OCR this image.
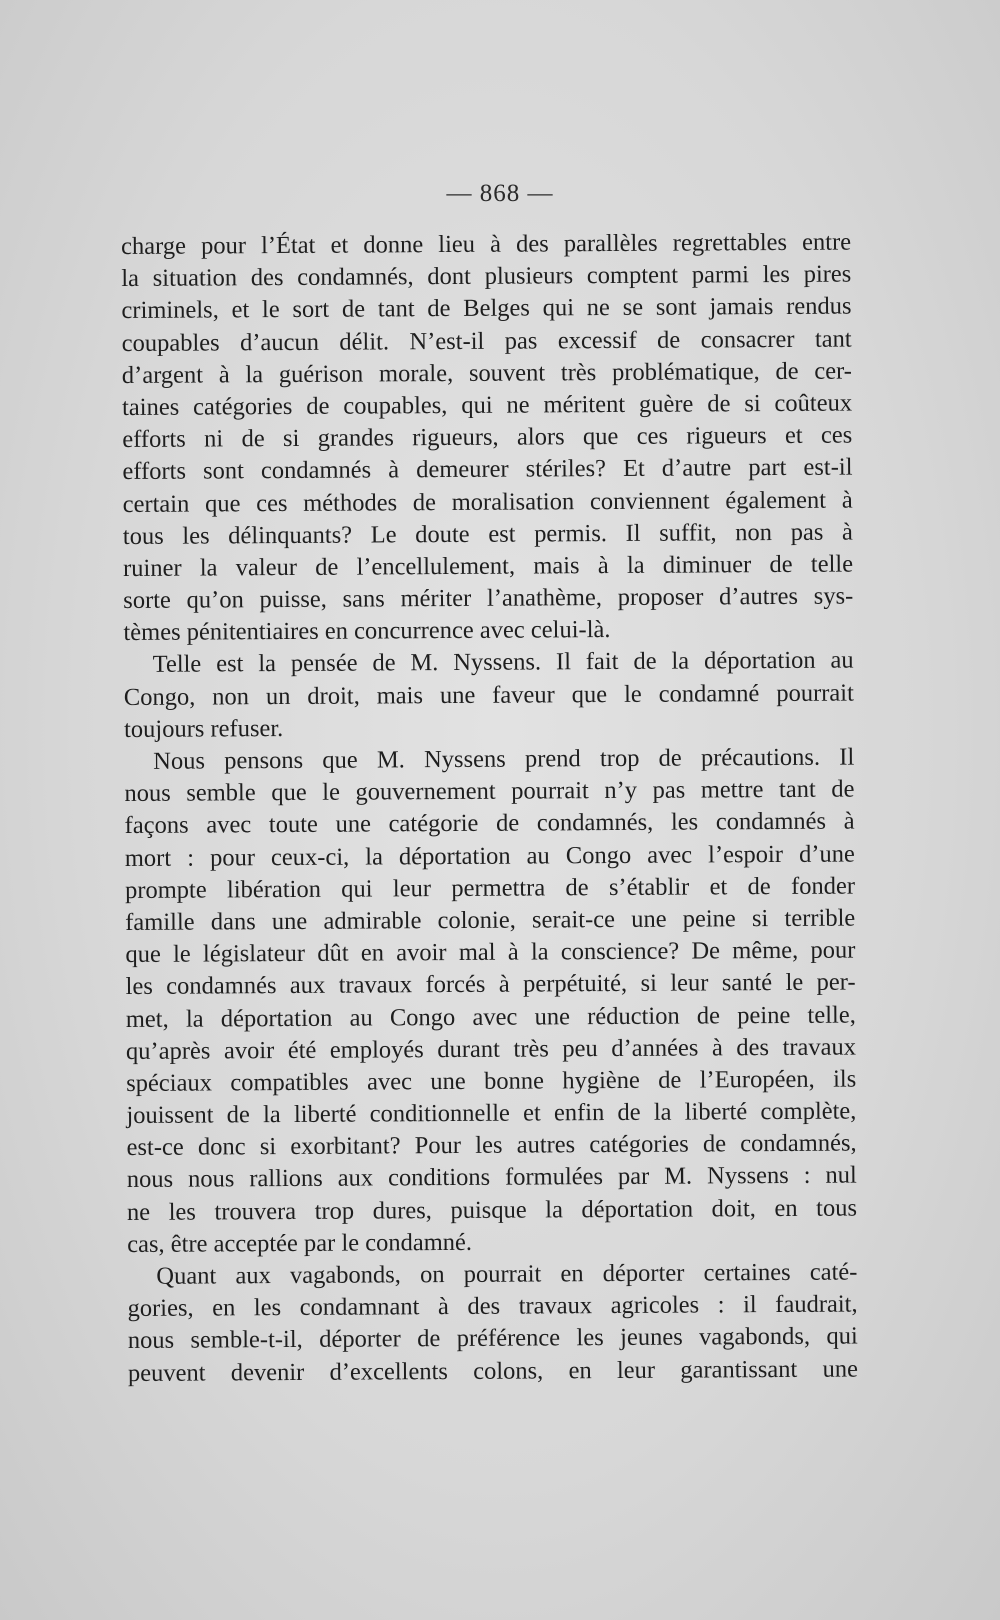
— 868 —
charge pour l’État et donne lieu à des parallèles regrettables entre
la situation des condamnés, dont plusieurs comptent parmi les pires
criminels, et le sort de tant de Belges qui ne se sont jamais rendus
coupables d’aucun délit. N’est-il pas excessif de consacrer tant
d’argent à la guérison morale, souvent très problématique, de cer-
taines catégories de coupables, qui ne méritent guère de si coûteux
efforts ni de si grandes rigueurs, alors que ces rigueurs et ces
efforts sont condamnés à demeurer stériles? Et d’autre part est-il
certain que ces méthodes de moralisation conviennent également à
tous les délinquants? Le doute est permis. Il suffit, non pas à
ruiner la valeur de l’encellulement, mais à la diminuer de telle
sorte qu’on puisse, sans mériter l’anathème, proposer d’autres sys-
tèmes pénitentiaires en concurrence avec celui-là.
Telle est la pensée de M. Nyssens. Il fait de la déportation au
Congo, non un droit, mais une faveur que le condamné pourrait
toujours refuser.
Nous pensons que M. Nyssens prend trop de précautions. Il
nous semble que le gouvernement pourrait n’y pas mettre tant de
façons avec toute une catégorie de condamnés, les condamnés à
mort : pour ceux-ci, la déportation au Congo avec l’espoir d’une
prompte libération qui leur permettra de s’établir et de fonder
famille dans une admirable colonie, serait-ce une peine si terrible
que le législateur dût en avoir mal à la conscience? De même, pour
les condamnés aux travaux forcés à perpétuité, si leur santé le per-
met, la déportation au Congo avec une réduction de peine telle,
qu’après avoir été employés durant très peu d’années à des travaux
spéciaux compatibles avec une bonne hygiène de l’Européen, ils
jouissent de la liberté conditionnelle et enfin de la liberté complète,
est-ce donc si exorbitant? Pour les autres catégories de condamnés,
nous nous rallions aux conditions formulées par M. Nyssens : nul
ne les trouvera trop dures, puisque la déportation doit, en tous
cas, être acceptée par le condamné.
Quant aux vagabonds, on pourrait en déporter certaines caté-
gories, en les condamnant à des travaux agricoles : il faudrait,
nous semble-t-il, déporter de préférence les jeunes vagabonds, qui
peuvent devenir d’excellents colons, en leur garantissant une
